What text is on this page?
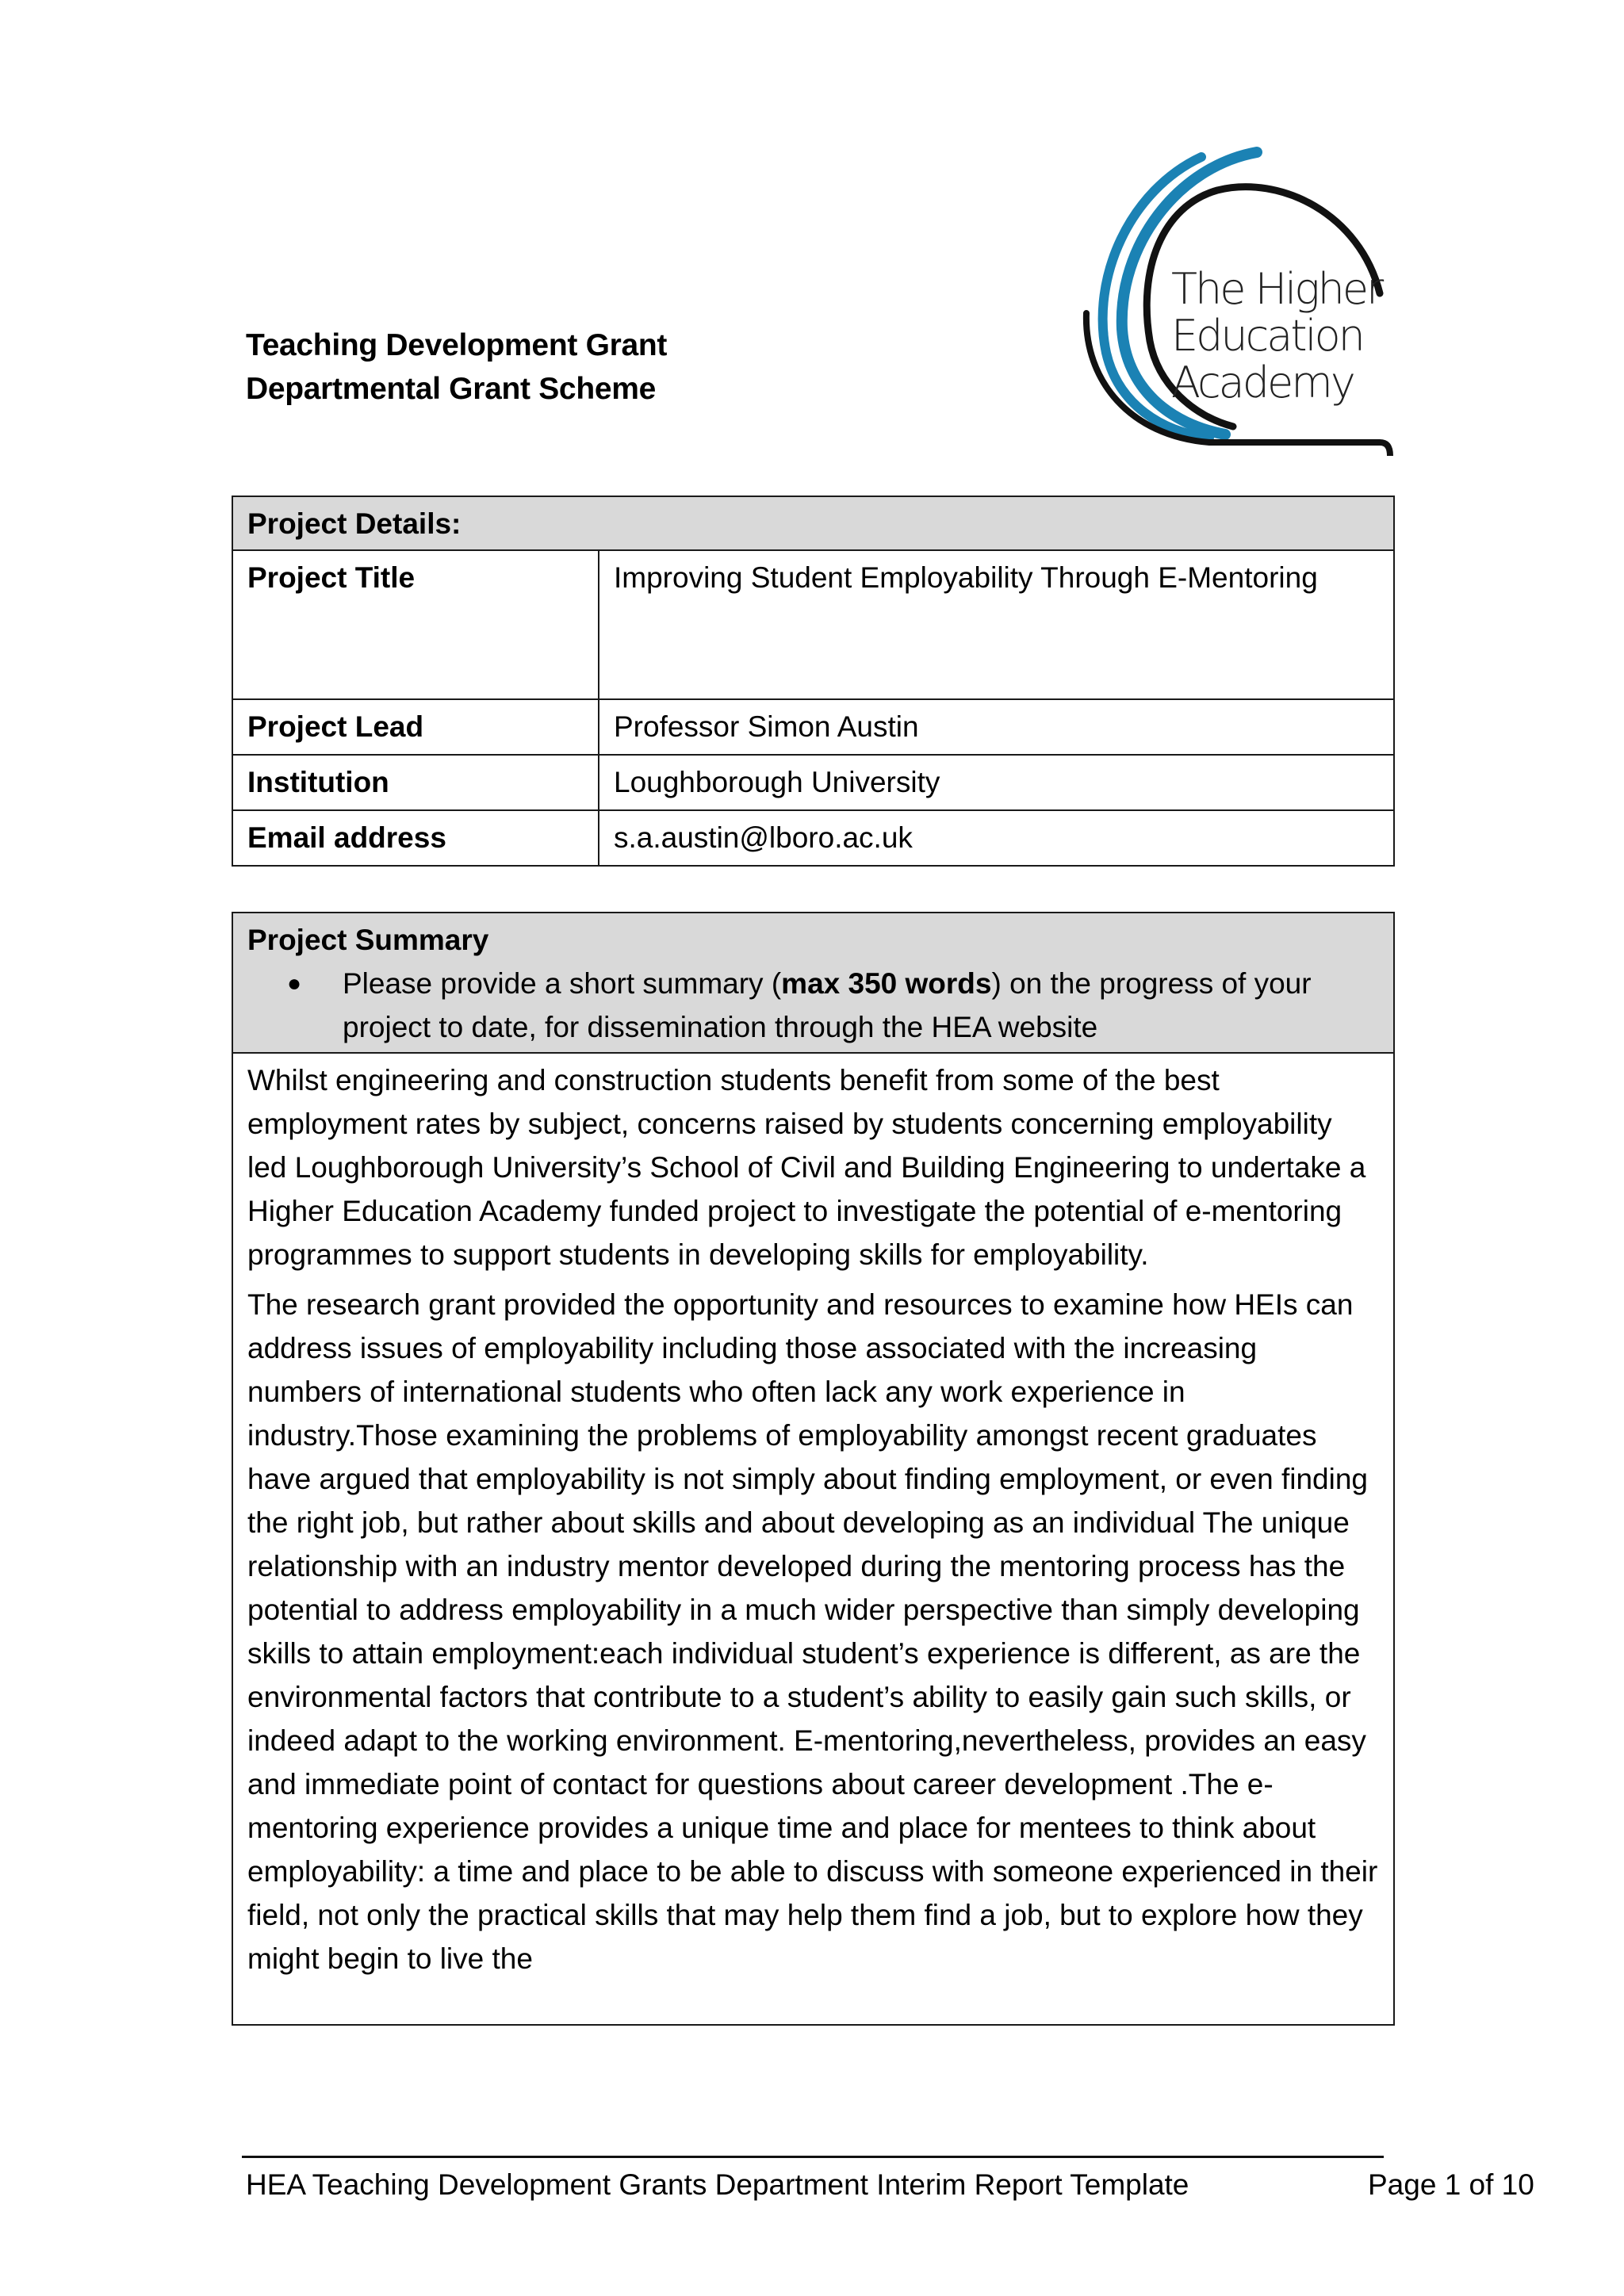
Teaching Development Grant
Departmental Grant Scheme
The Higher
Education
Academy
Project Details:	
Project Title	Improving Student Employability Through E-Mentoring
Project Lead	Professor Simon Austin
Institution	Loughborough University
Email address	s.a.austin@lboro.ac.uk
Project Summary
●	Please provide a short summary (max 350 words) on the progress of your project to date, for dissemination through the HEA website

Whilst engineering and construction students benefit from some of the best employment rates by subject, concerns raised by students concerning employability led Loughborough University’s School of Civil and Building Engineering to undertake a Higher Education Academy funded project to investigate the potential of e-mentoring programmes to support students in developing skills for employability.

The research grant provided the opportunity and resources to examine how HEIs can address issues of employability including those associated with the increasing numbers of international students who often lack any work experience in industry.Those examining the problems of employability amongst recent graduates have argued that employability is not simply about finding employment, or even finding the right job, but rather about skills and about developing as an individual The unique relationship with an industry mentor developed during the mentoring process has the potential to address employability in a much wider perspective than simply developing skills to attain employment:each individual student’s experience is different, as are the environmental factors that contribute to a student’s ability to easily gain such skills, or indeed adapt to the working environment. E-mentoring,nevertheless, provides an easy and immediate point of contact for questions about career development .The e-mentoring experience provides a unique time and place for mentees to think about employability: a time and place to be able to discuss with someone experienced in their field, not only the practical skills that may help them find a job, but to explore how they might begin to live the

HEA Teaching Development Grants Department Interim Report Template	Page 1 of 10
